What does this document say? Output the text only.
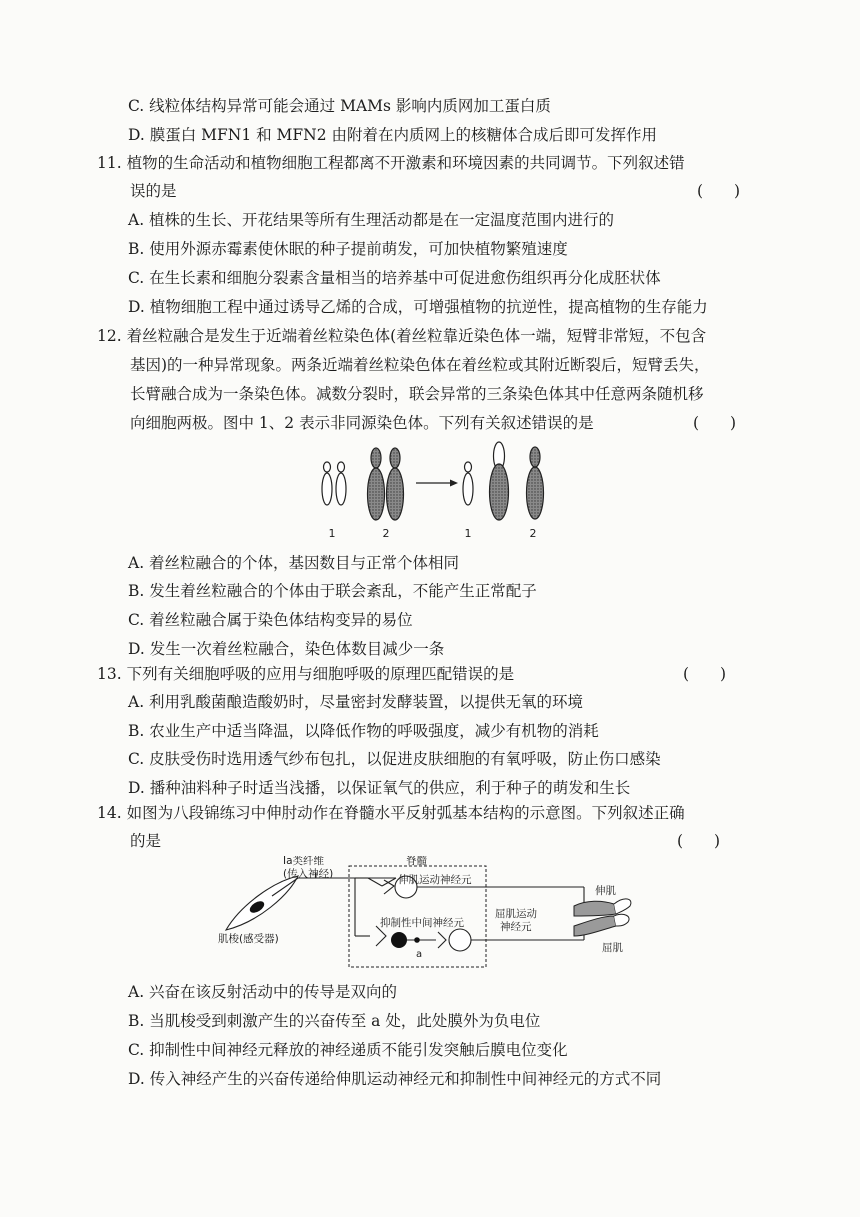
C. 线粒体结构异常可能会通过 MAMs 影响内质网加工蛋白质
D. 膜蛋白 MFN1 和 MFN2 由附着在内质网上的核糖体合成后即可发挥作用
11. 植物的生命活动和植物细胞工程都离不开激素和环境因素的共同调节。下列叙述错
误的是	(　　)
A. 植株的生长、开花结果等所有生理活动都是在一定温度范围内进行的
B. 使用外源赤霉素使休眠的种子提前萌发，可加快植物繁殖速度
C. 在生长素和细胞分裂素含量相当的培养基中可促进愈伤组织再分化成胚状体
D. 植物细胞工程中通过诱导乙烯的合成，可增强植物的抗逆性，提高植物的生存能力
12. 着丝粒融合是发生于近端着丝粒染色体(着丝粒靠近染色体一端，短臂非常短，不包含
基因)的一种异常现象。两条近端着丝粒染色体在着丝粒或其附近断裂后，短臂丢失，
长臂融合成为一条染色体。减数分裂时，联会异常的三条染色体其中任意两条随机移
向细胞两极。图中 1、2 表示非同源染色体。下列有关叙述错误的是	(　　)
1	2	1	2
A. 着丝粒融合的个体，基因数目与正常个体相同
B. 发生着丝粒融合的个体由于联会紊乱，不能产生正常配子
C. 着丝粒融合属于染色体结构变异的易位
D. 发生一次着丝粒融合，染色体数目减少一条
13. 下列有关细胞呼吸的应用与细胞呼吸的原理匹配错误的是	(　　)
A. 利用乳酸菌酿造酸奶时，尽量密封发酵装置，以提供无氧的环境
B. 农业生产中适当降温，以降低作物的呼吸强度，减少有机物的消耗
C. 皮肤受伤时选用透气纱布包扎，以促进皮肤细胞的有氧呼吸，防止伤口感染
D. 播种油料种子时适当浅播，以保证氧气的供应，利于种子的萌发和生长
14. 如图为八段锦练习中伸肘动作在脊髓水平反射弧基本结构的示意图。下列叙述正确
的是	(　　)
a
Ia类纤维
(传入神经)
脊髓
伸肌运动神经元
抑制性中间神经元
屈肌运动
神经元
肌梭(感受器)
伸肌
屈肌
A. 兴奋在该反射活动中的传导是双向的
B. 当肌梭受到刺激产生的兴奋传至 a 处，此处膜外为负电位
C. 抑制性中间神经元释放的神经递质不能引发突触后膜电位变化
D. 传入神经产生的兴奋传递给伸肌运动神经元和抑制性中间神经元的方式不同
